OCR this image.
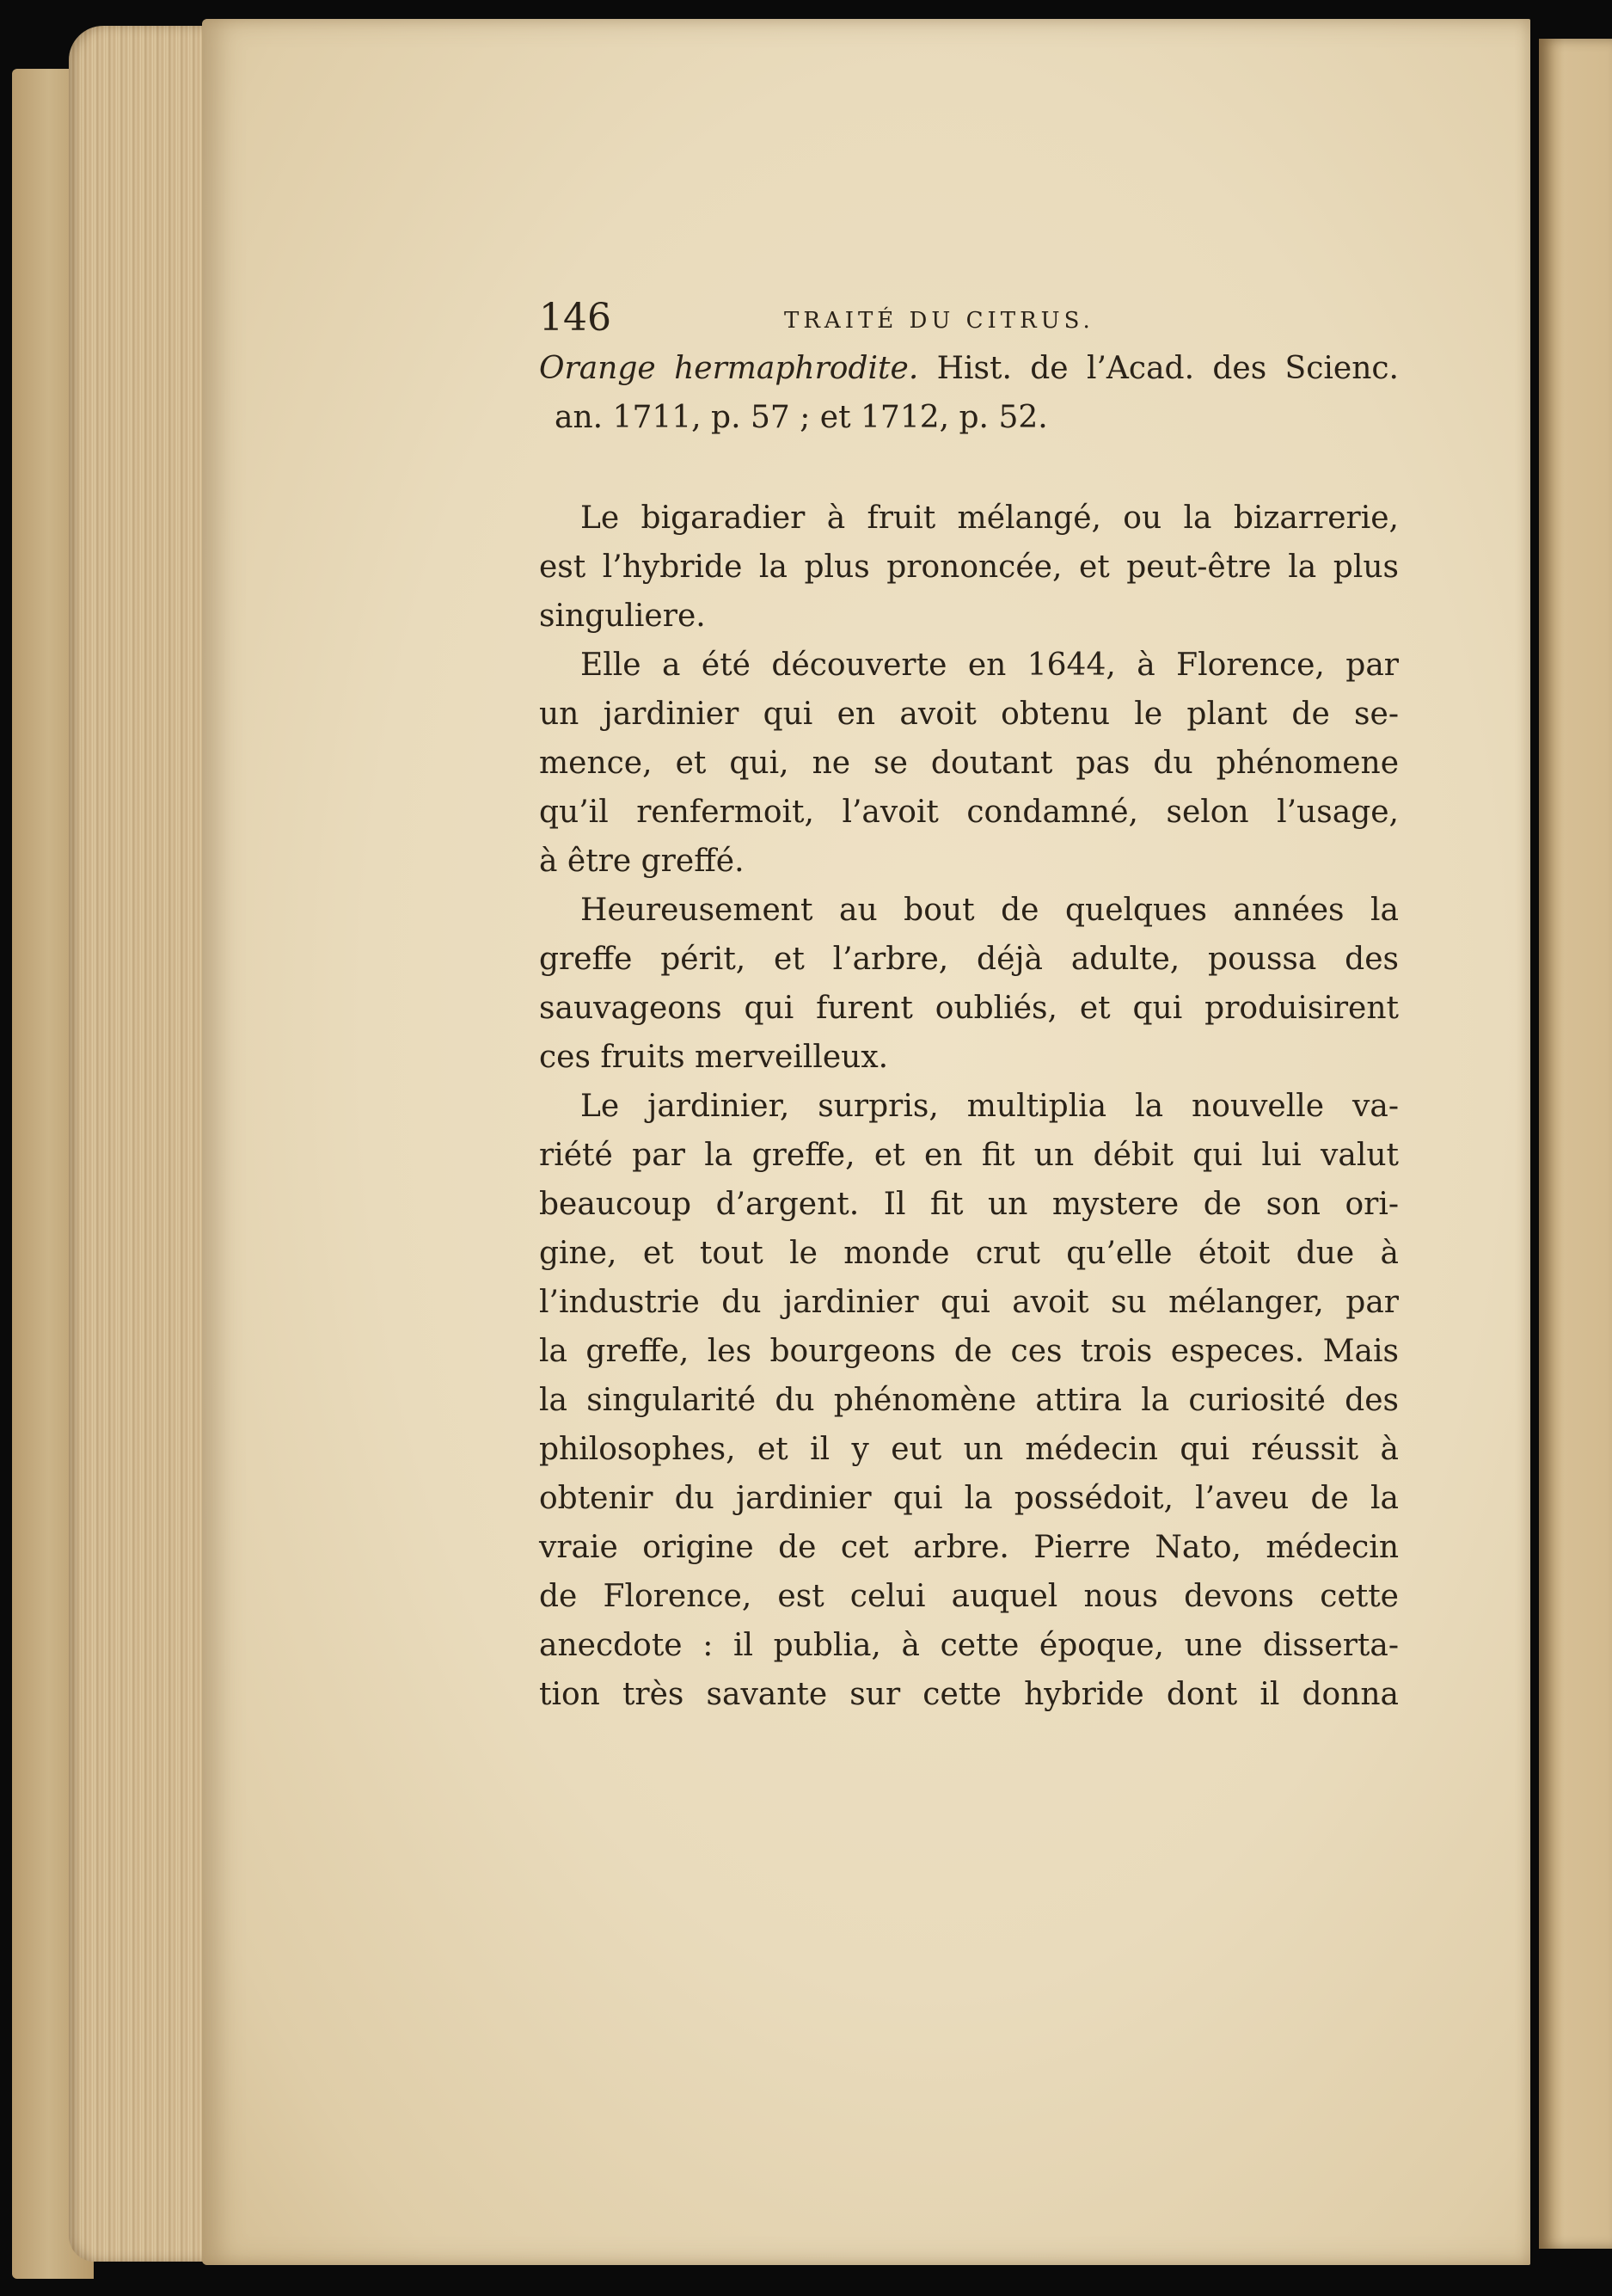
146	TRAITÉ DU CITRUS.
Orange hermaphrodite. Hist. de l’Acad. des Scienc.
an. 1711, p. 57 ; et 1712, p. 52.
Le bigaradier à fruit mélangé, ou la bizarrerie,
est l’hybride la plus prononcée, et peut-être la plus
singuliere.
Elle a été découverte en 1644, à Florence, par
un jardinier qui en avoit obtenu le plant de se-
mence, et qui, ne se doutant pas du phénomene
qu’il renfermoit, l’avoit condamné, selon l’usage,
à être greffé.
Heureusement au bout de quelques années la
greffe périt, et l’arbre, déjà adulte, poussa des
sauvageons qui furent oubliés, et qui produisirent
ces fruits merveilleux.
Le jardinier, surpris, multiplia la nouvelle va-
riété par la greffe, et en fit un débit qui lui valut
beaucoup d’argent. Il fit un mystere de son ori-
gine, et tout le monde crut qu’elle étoit due à
l’industrie du jardinier qui avoit su mélanger, par
la greffe, les bourgeons de ces trois especes. Mais
la singularité du phénomène attira la curiosité des
philosophes, et il y eut un médecin qui réussit à
obtenir du jardinier qui la possédoit, l’aveu de la
vraie origine de cet arbre. Pierre Nato, médecin
de Florence, est celui auquel nous devons cette
anecdote : il publia, à cette époque, une disserta-
tion très savante sur cette hybride dont il donna
